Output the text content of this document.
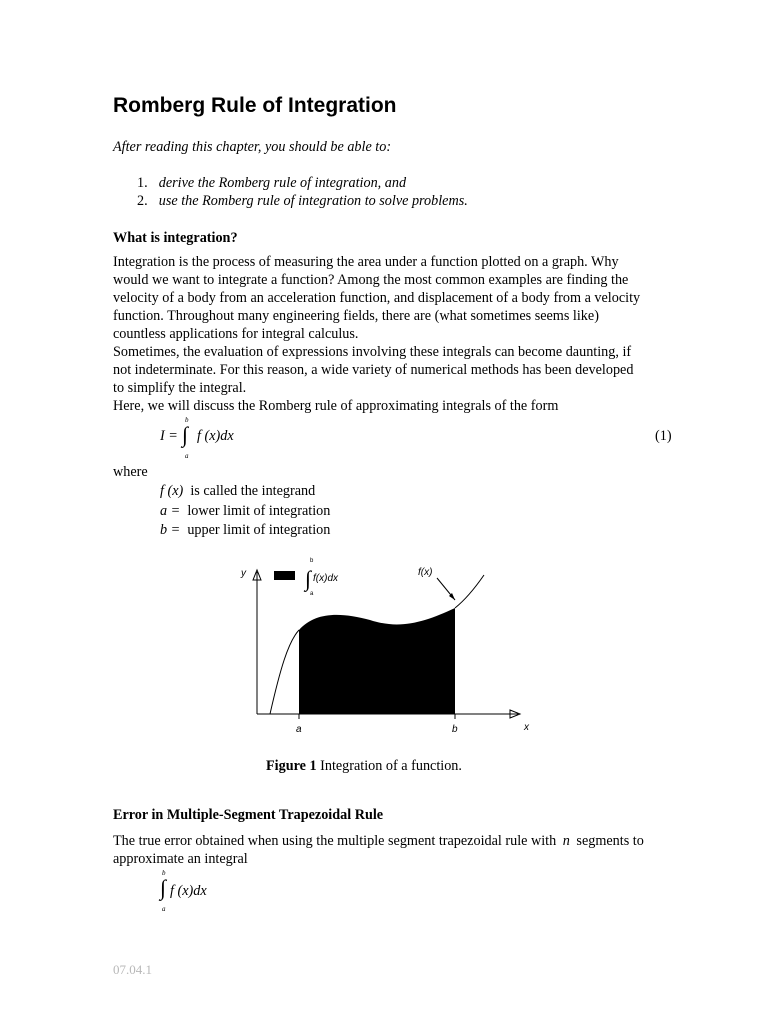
Romberg Rule of Integration
After reading this chapter, you should be able to:
1. derive the Romberg rule of integration, and
2. use the Romberg rule of integration to solve problems.
What is integration?
Integration is the process of measuring the area under a function plotted on a graph. Why
would we want to integrate a function? Among the most common examples are finding the
velocity of a body from an acceleration function, and displacement of a body from a velocity
function. Throughout many engineering fields, there are (what sometimes seems like)
countless applications for integral calculus.
Sometimes, the evaluation of expressions involving these integrals can become daunting, if
not indeterminate. For this reason, a wide variety of numerical methods has been developed
to simplify the integral.
Here, we will discuss the Romberg rule of approximating integrals of the form
I =
b
∫
a
f (x)dx	(1)
where
f (x) is called the integrand
a = lower limit of integration
b = upper limit of integration
y
x
a	b
f(x)
b
∫
a
f(x)dx
Figure 1 Integration of a function.
Error in Multiple-Segment Trapezoidal Rule
The true error obtained when using the multiple segment trapezoidal rule with n segments to
approximate an integral
b
∫
a
f (x)dx
07.04.1
